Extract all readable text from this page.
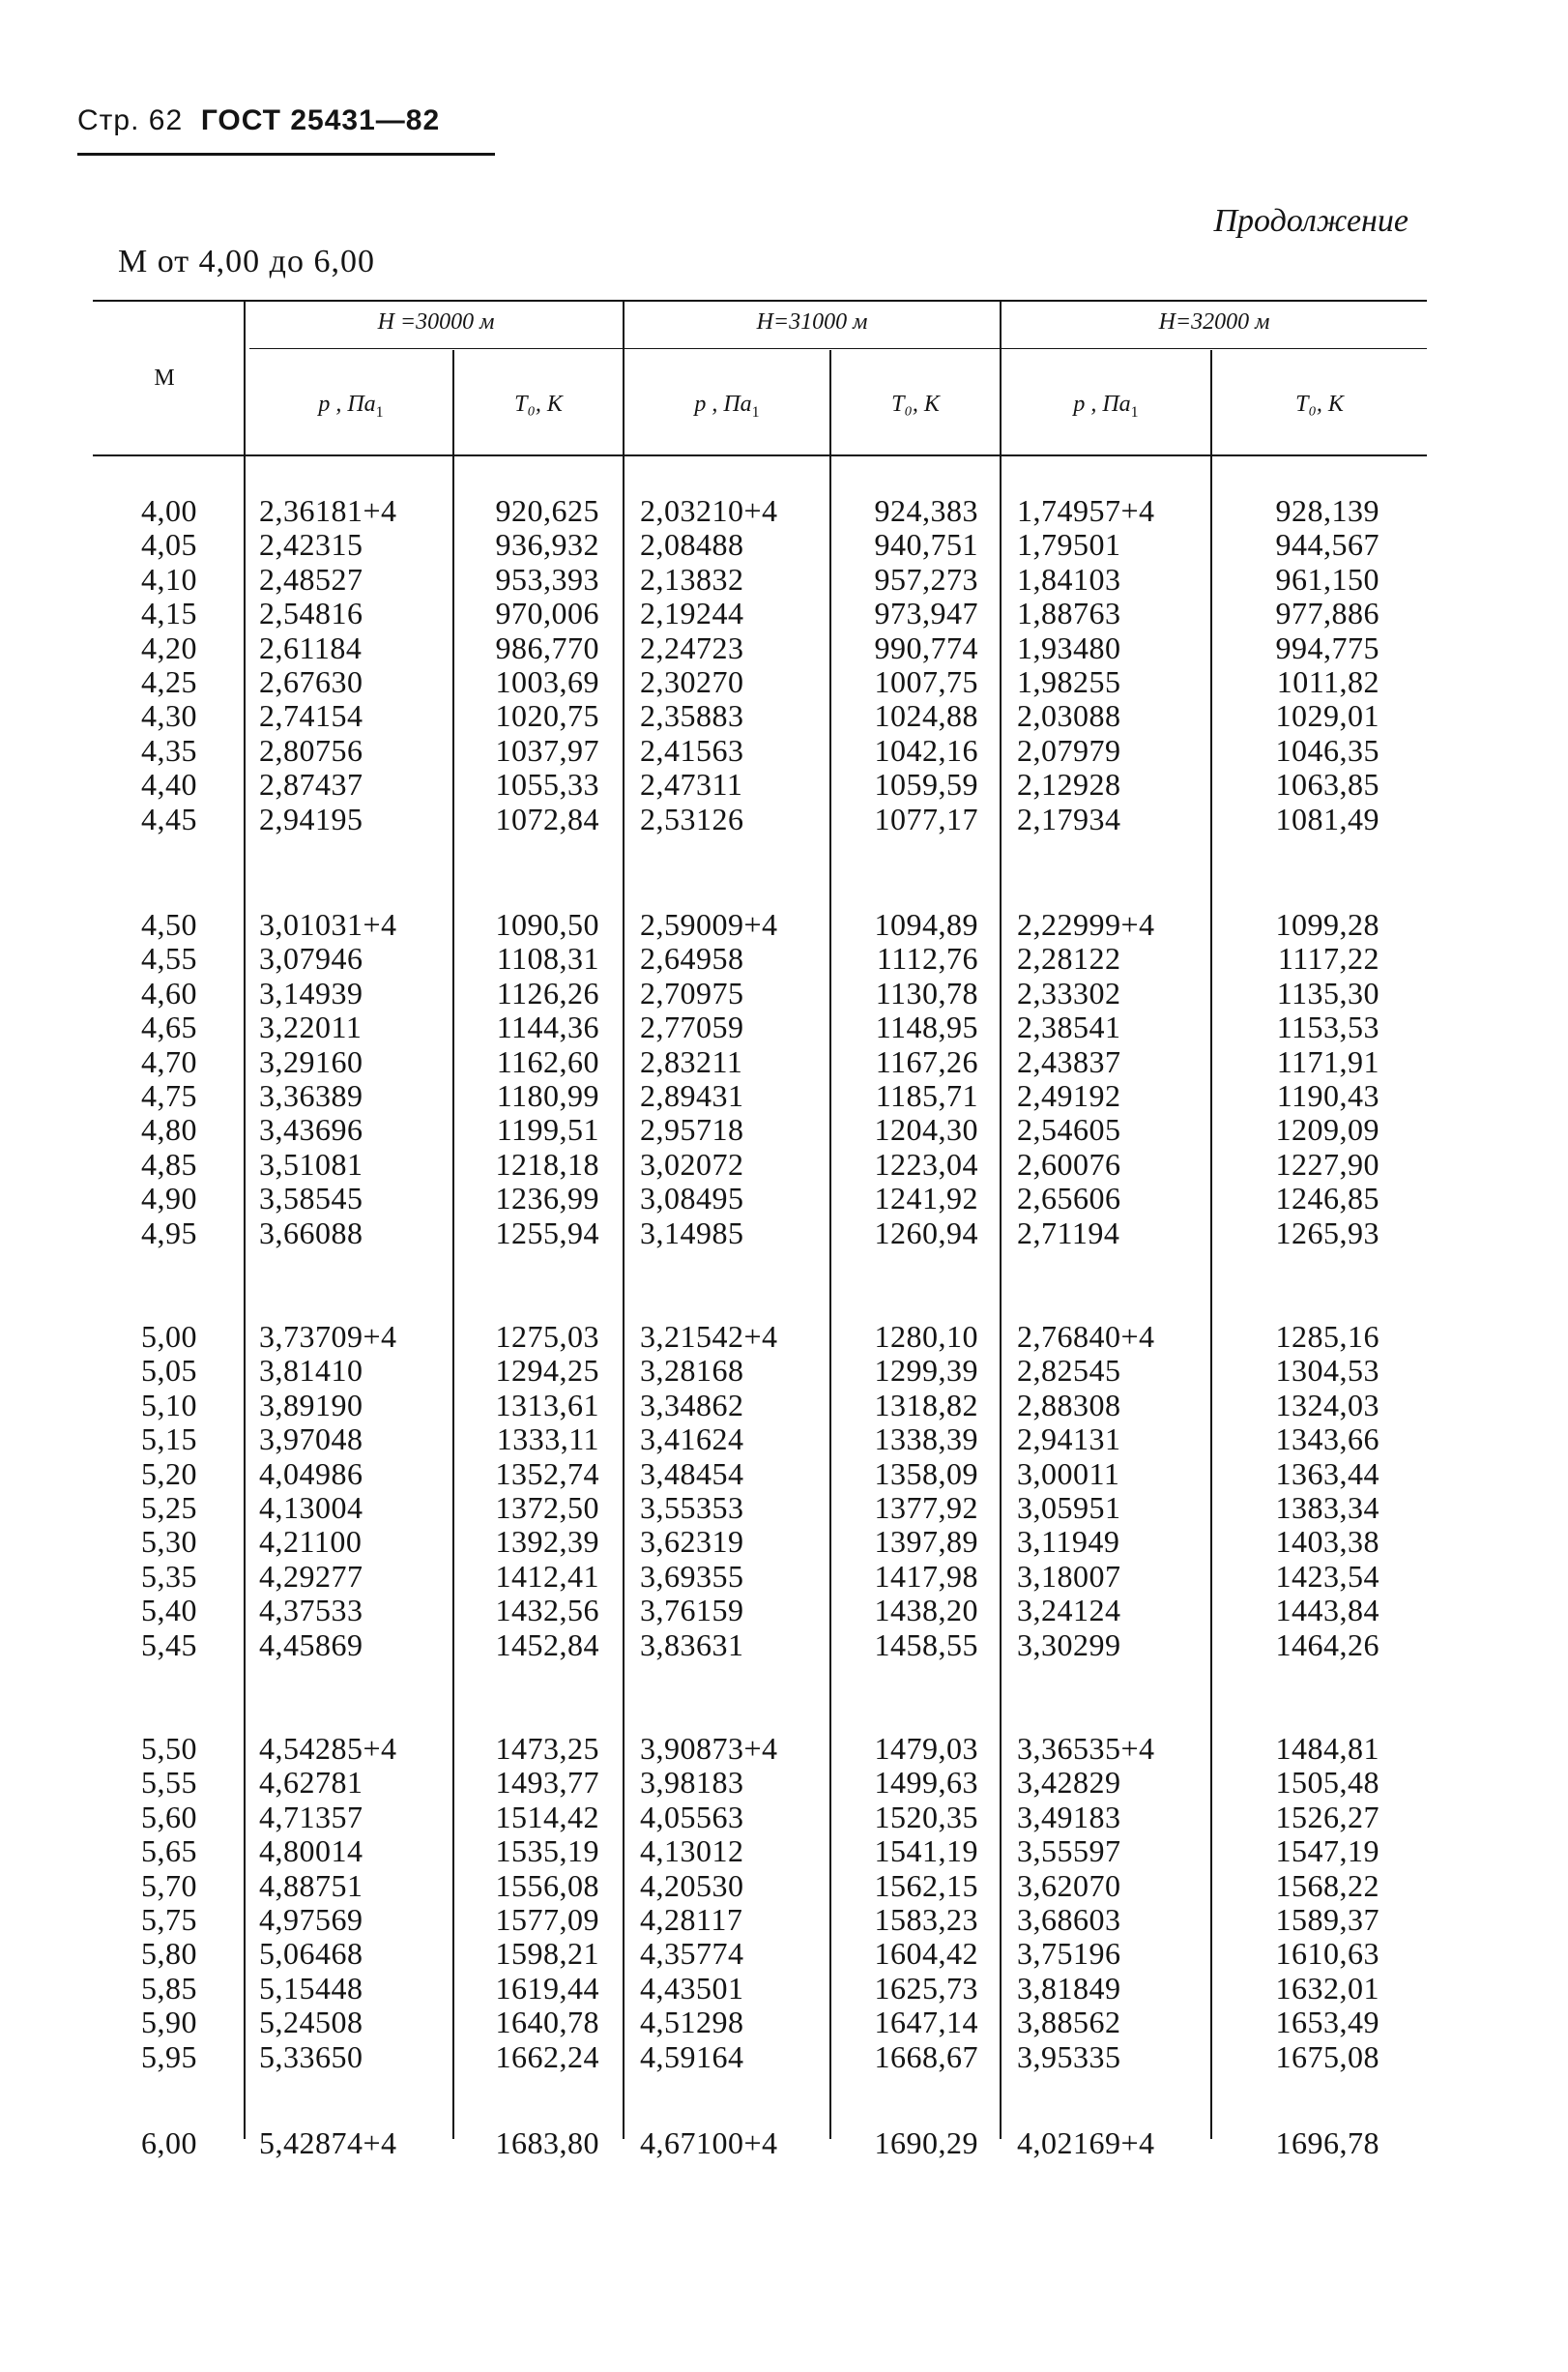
Стр. 62 ГОСТ 25431—82
Продолжение
М от 4,00 до 6,00
М
H =30000 м	H=31000 м	H=32000 м
p , $Па_1$	T₀, К	p , $Па_1$	T₀, К	p , $Па_1$	T₀, К
4,00 2,36181+4	920,625 2,03210+4	924,383 1,74957+4	928,139
4,05 2,42315	936,932 2,08488	940,751 1,79501	944,567
4,10 2,48527	953,393 2,13832	957,273 1,84103	961,150
4,15 2,54816	970,006 2,19244	973,947 1,88763	977,886
4,20 2,61184	986,770 2,24723	990,774 1,93480	994,775
4,25 2,67630	1003,69 2,30270	1007,75 1,98255	1011,82
4,30 2,74154	1020,75 2,35883	1024,88 2,03088	1029,01
4,35 2,80756	1037,97 2,41563	1042,16 2,07979	1046,35
4,40 2,87437	1055,33 2,47311	1059,59 2,12928	1063,85
4,45 2,94195	1072,84 2,53126	1077,17 2,17934	1081,49
4,50 3,01031+4	1090,50 2,59009+4	1094,89 2,22999+4	1099,28
4,55 3,07946	1108,31 2,64958	1112,76 2,28122	1117,22
4,60 3,14939	1126,26 2,70975	1130,78 2,33302	1135,30
4,65 3,22011	1144,36 2,77059	1148,95 2,38541	1153,53
4,70 3,29160	1162,60 2,83211	1167,26 2,43837	1171,91
4,75 3,36389	1180,99 2,89431	1185,71 2,49192	1190,43
4,80 3,43696	1199,51 2,95718	1204,30 2,54605	1209,09
4,85 3,51081	1218,18 3,02072	1223,04 2,60076	1227,90
4,90 3,58545	1236,99 3,08495	1241,92 2,65606	1246,85
4,95 3,66088	1255,94 3,14985	1260,94 2,71194	1265,93
5,00 3,73709+4	1275,03 3,21542+4	1280,10 2,76840+4	1285,16
5,05 3,81410	1294,25 3,28168	1299,39 2,82545	1304,53
5,10 3,89190	1313,61 3,34862	1318,82 2,88308	1324,03
5,15 3,97048	1333,11 3,41624	1338,39 2,94131	1343,66
5,20 4,04986	1352,74 3,48454	1358,09 3,00011	1363,44
5,25 4,13004	1372,50 3,55353	1377,92 3,05951	1383,34
5,30 4,21100	1392,39 3,62319	1397,89 3,11949	1403,38
5,35 4,29277	1412,41 3,69355	1417,98 3,18007	1423,54
5,40 4,37533	1432,56 3,76159	1438,20 3,24124	1443,84
5,45 4,45869	1452,84 3,83631	1458,55 3,30299	1464,26
5,50 4,54285+4	1473,25 3,90873+4	1479,03 3,36535+4	1484,81
5,55 4,62781	1493,77 3,98183	1499,63 3,42829	1505,48
5,60 4,71357	1514,42 4,05563	1520,35 3,49183	1526,27
5,65 4,80014	1535,19 4,13012	1541,19 3,55597	1547,19
5,70 4,88751	1556,08 4,20530	1562,15 3,62070	1568,22
5,75 4,97569	1577,09 4,28117	1583,23 3,68603	1589,37
5,80 5,06468	1598,21 4,35774	1604,42 3,75196	1610,63
5,85 5,15448	1619,44 4,43501	1625,73 3,81849	1632,01
5,90 5,24508	1640,78 4,51298	1647,14 3,88562	1653,49
5,95 5,33650	1662,24 4,59164	1668,67 3,95335	1675,08
6,00 5,42874+4	1683,80 4,67100+4	1690,29 4,02169+4	1696,78
